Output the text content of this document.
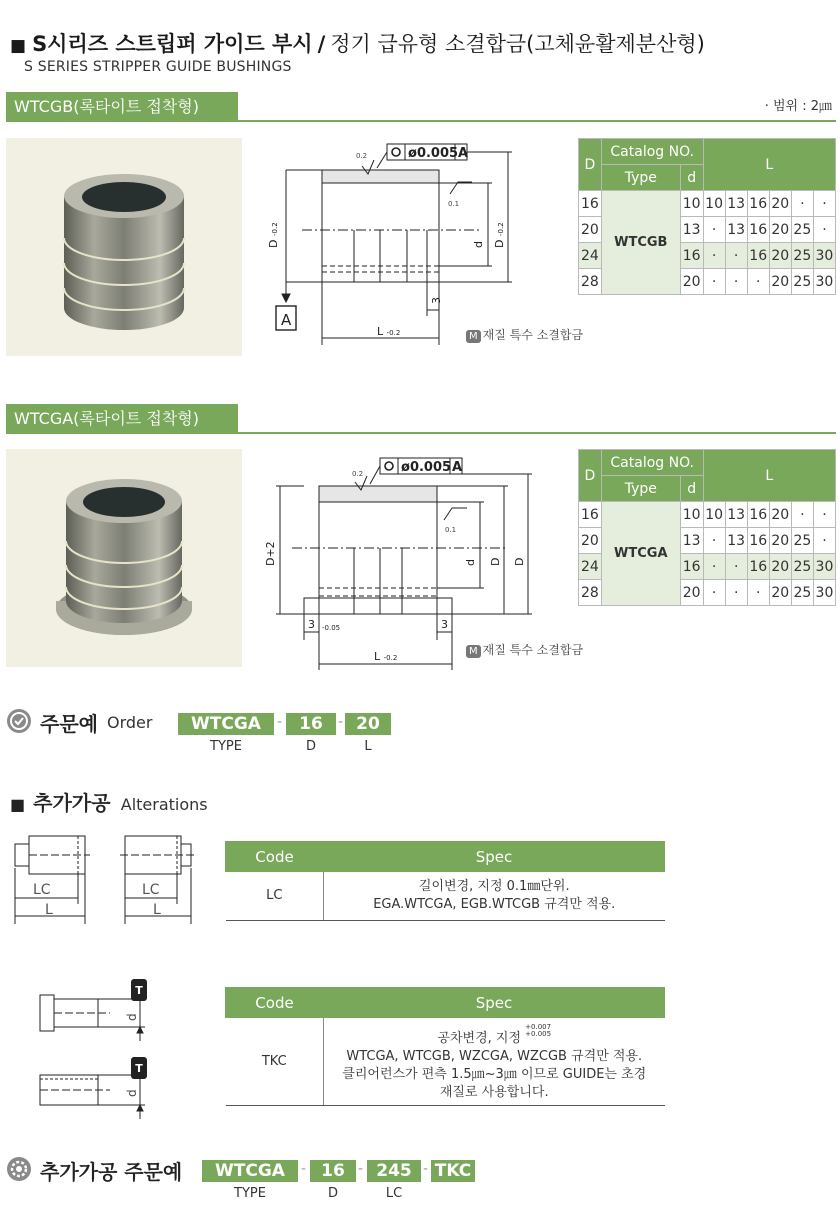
■ S시리즈 스트립퍼 가이드 부시 / 정기 급유형 소결합금(고체윤활제분산형)
S SERIES STRIPPER GUIDE BUSHINGS
WTCGB(록타이트 접착형)	· 범위 : 2㎛
ø0.005 A
0.2
0.1
A
D -0.2
d D -0.2
L -0.2
3
M 재질 특수 소결합금
D	Catalog NO.		L					
	Type	d						
16	WTCGB	10	10	13	16	20	·	·
20		13	·	13	16	20	25	·
24		16	·	·	16	20	25	30
28		20	·	·	·	20	25	30
WTCGA(록타이트 접착형)
ø0.005 A
0.2
0.1
D+2	d D D
3 -0.05	3
L -0.2
M 재질 특수 소결합금
D	Catalog NO.		L					
	Type	d						
16	WTCGA	10	10	13	16	20	·	·
20		13	·	13	16	20	25	·
24		16	·	·	16	20	25	30
28		20	·	·	·	20	25	30
주문예 Order	WTCGA	-	16	- 20
TYPE	D	L
■ 추가가공 Alterations
LC
L
LC
L
Code	Spec
LC	길이변경, 지정 0.1㎜단위.
EGA.WTCGA, EGB.WTCGB 규격만 적용.
T
d
T
d
Code	Spec
TKC	공차변경, 지정 $^{+0.007 +0.005}$
WTCGA, WTCGB, WZCGA, WZCGB 규격만 적용.
클리어런스가 편측 1.5㎛~3㎛ 이므로 GUIDE는 초경
재질로 사용합니다.
추가가공 주문예	WTCGA	- 16 - 245 - TKC
TYPE	D	LC
